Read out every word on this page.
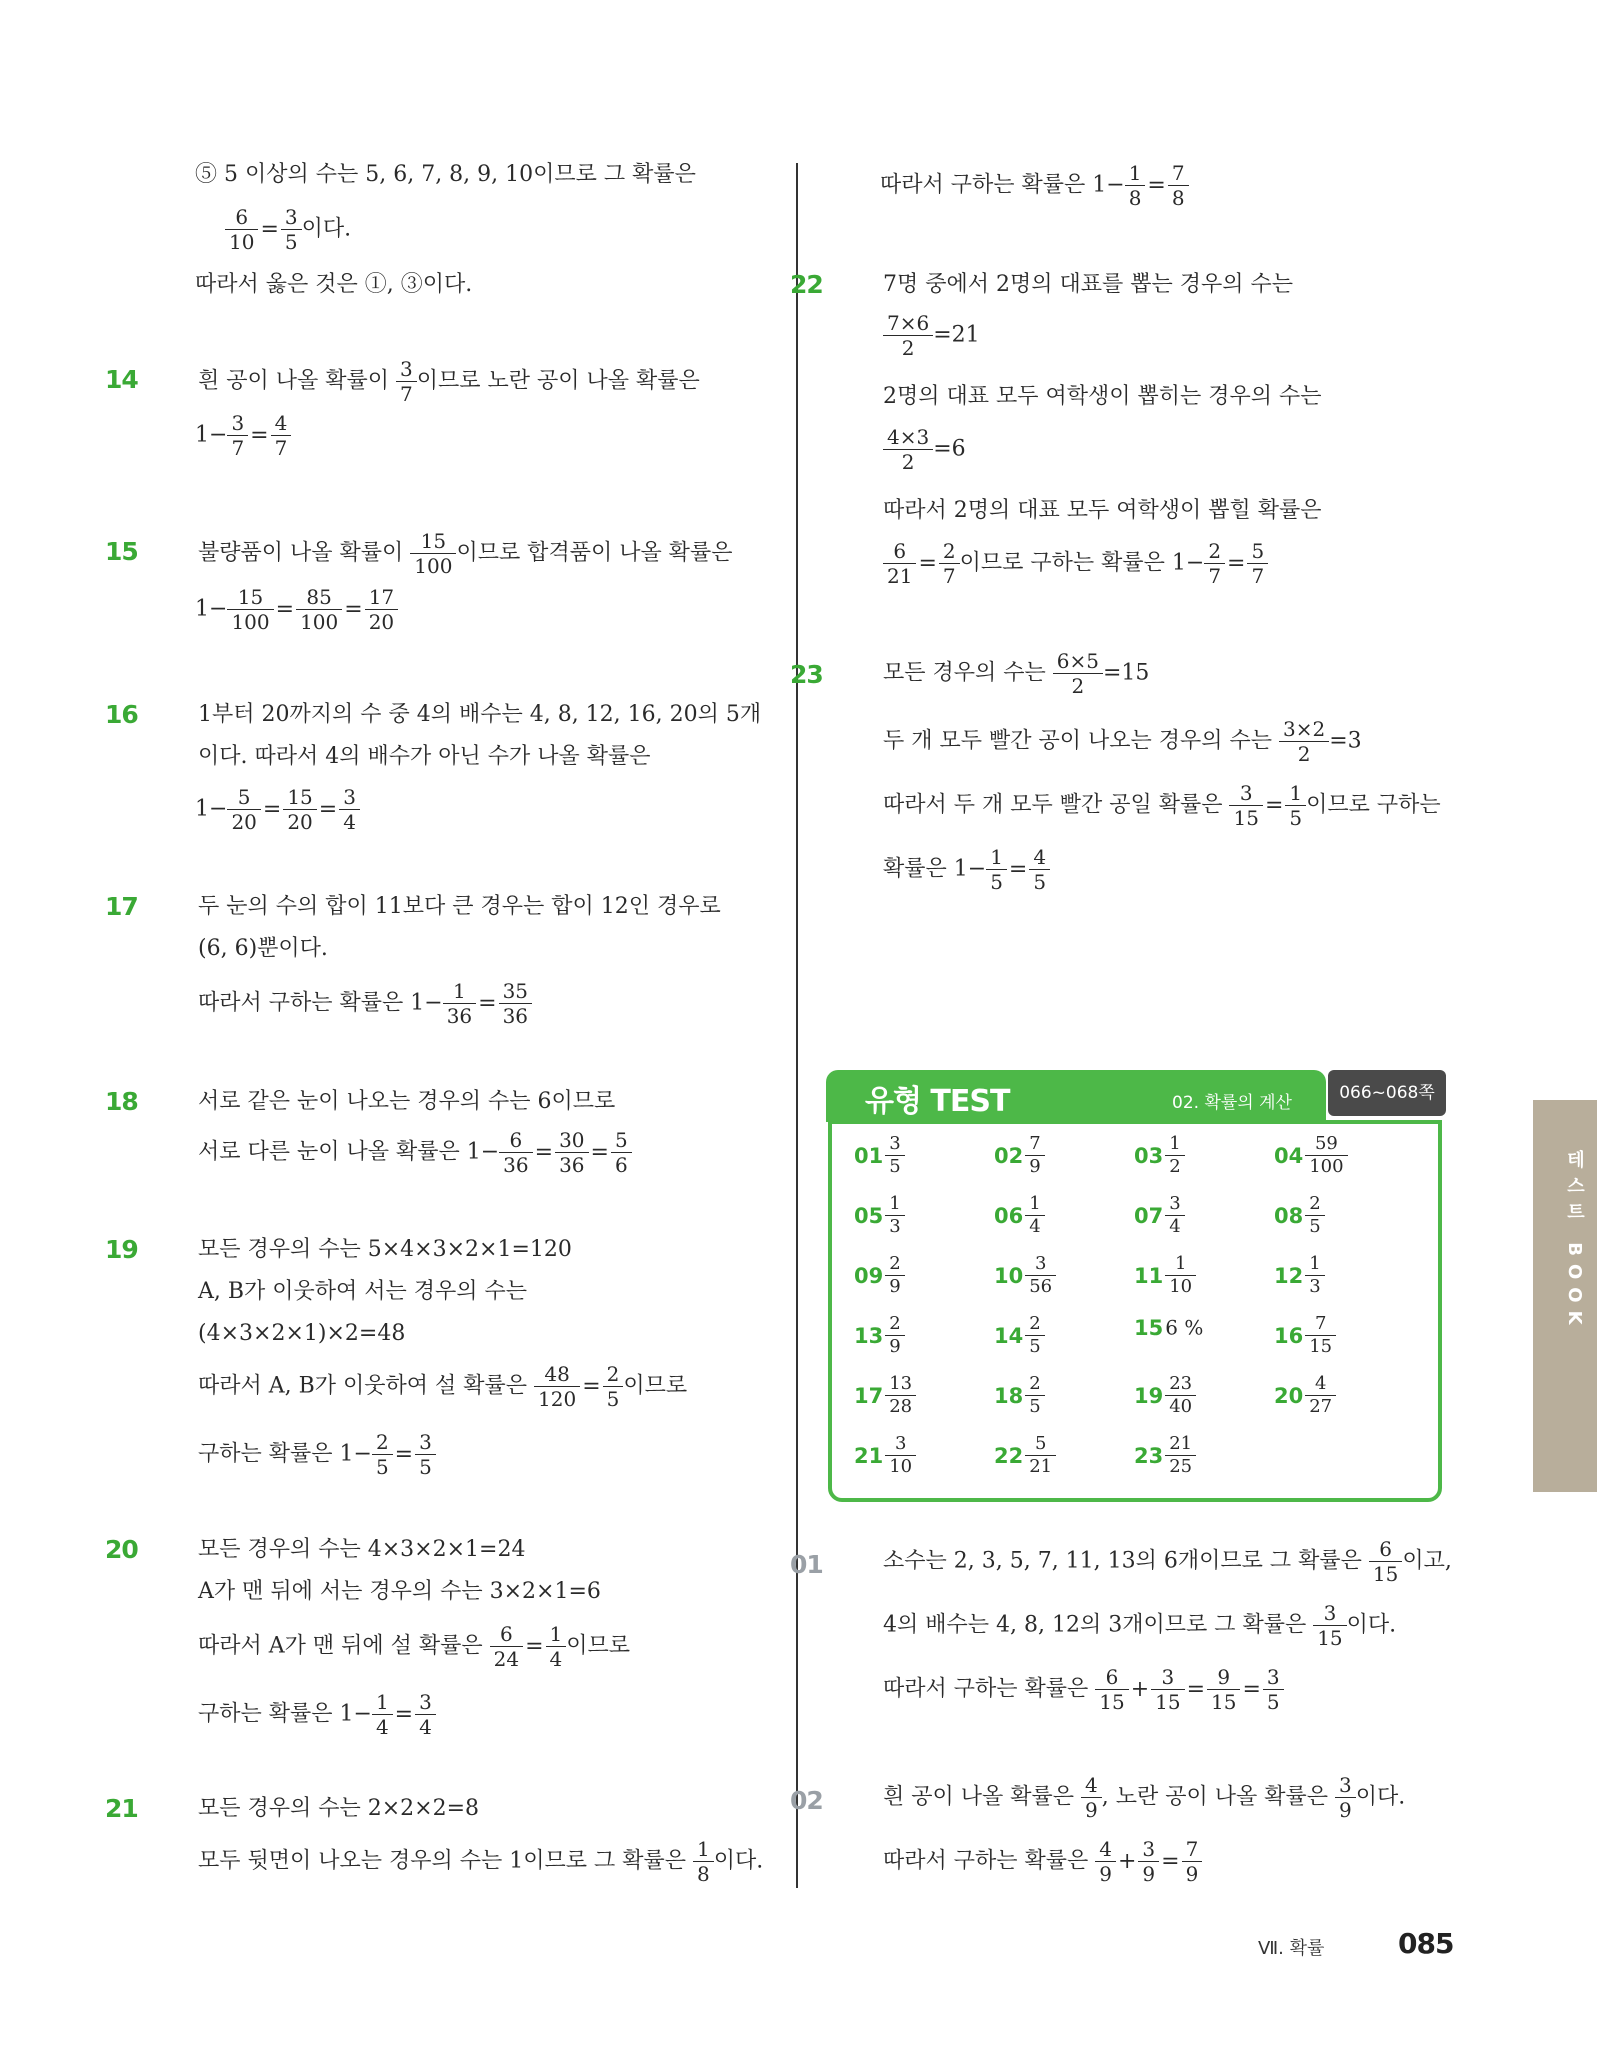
⑤ 5 이상의 수는 5, 6, 7, 8, 9, 10이므로 그 확률은
$\frac{6}{10} = \frac{3}{5}$ 이다.
따라서 옳은 것은 ①, ③이다.
14	흰 공이 나올 확률이 $\frac{3}{7}$ 이므로 노란 공이 나올 확률은
$1- \frac{3}{7} = \frac{4}{7}$
15	불량품이 나올 확률이 $\frac{15}{100}$ 이므로 합격품이 나올 확률은
$1- \frac{15}{100} = \frac{85}{100} = \frac{17}{20}$
16	1부터 20까지의 수 중 4의 배수는 4, 8, 12, 16, 20의 5개
이다. 따라서 4의 배수가 아닌 수가 나올 확률은
$1- \frac{5}{20} = \frac{15}{20} = \frac{3}{4}$
17	두 눈의 수의 합이 11보다 큰 경우는 합이 12인 경우로
(6, 6)뿐이다.
따라서 구하는 확률은 $1- \frac{1}{36} = \frac{35}{36}$
18	서로 같은 눈이 나오는 경우의 수는 6이므로
서로 다른 눈이 나올 확률은 $1- \frac{6}{36} = \frac{30}{36} = \frac{5}{6}$
19	모든 경우의 수는 5×4×3×2×1=120
A, B가 이웃하여 서는 경우의 수는
(4×3×2×1)×2=48
따라서 A, B가 이웃하여 설 확률은 $\frac{48}{120} = \frac{2}{5}$ 이므로
구하는 확률은 $1- \frac{2}{5} = \frac{3}{5}$
20	모든 경우의 수는 4×3×2×1=24
A가 맨 뒤에 서는 경우의 수는 3×2×1=6
따라서 A가 맨 뒤에 설 확률은 $\frac{6}{24} = \frac{1}{4}$ 이므로
구하는 확률은 $1- \frac{1}{4} = \frac{3}{4}$
21	모든 경우의 수는 2×2×2=8
모두 뒷면이 나오는 경우의 수는 1이므로 그 확률은 $\frac{1}{8}$ 이다.
따라서 구하는 확률은 $1- \frac{1}{8} = \frac{7}{8}$
22	7명 중에서 2명의 대표를 뽑는 경우의 수는
$\frac{7\times 6}{2} =21$
2명의 대표 모두 여학생이 뽑히는 경우의 수는
$\frac{4\times 3}{2} =6$
따라서 2명의 대표 모두 여학생이 뽑힐 확률은
$\frac{6}{21} = \frac{2}{7}$ 이므로 구하는 확률은 $1- \frac{2}{7} = \frac{5}{7}$
23	모든 경우의 수는 $\frac{6\times 5}{2} =15$
두 개 모두 빨간 공이 나오는 경우의 수는 $\frac{3\times 2}{2} =3$
따라서 두 개 모두 빨간 공일 확률은 $\frac{3}{15} = \frac{1}{5}$ 이므로 구하는
확률은 $1- \frac{1}{5} = \frac{4}{5}$
01	소수는 2, 3, 5, 7, 11, 13의 6개이므로 그 확률은 $\frac{6}{15}$ 이고,
4의 배수는 4, 8, 12의 3개이므로 그 확률은 $\frac{3}{15}$ 이다.
따라서 구하는 확률은 $\frac{6}{15} + \frac{3}{15} = \frac{9}{15} = \frac{3}{5}$
02	흰 공이 나올 확률은 $\frac{4}{9}$ , 노란 공이 나올 확률은 $\frac{3}{9}$ 이다.
따라서 구하는 확률은 $\frac{4}{9} + \frac{3}{9} = \frac{7}{9}$
유형 TEST	02. 확률의 계산	066~068쪽
$01 \frac{3}{5}$	$02 \frac{7}{9}$	$03 \frac{1}{2}$	$04 \frac{59}{100}$
$05 \frac{1}{3}$	$06 \frac{1}{4}$	$07 \frac{3}{4}$	$08 \frac{2}{5}$
$09 \frac{2}{9}$	$10 \frac{3}{56}$	$11 \frac{1}{10}$	$12 \frac{1}{3}$
$13 \frac{2}{9}$	$14 \frac{2}{5}$	15 6 %	$16 \frac{7}{15}$
$17 \frac{13}{28}$	$18 \frac{2}{5}$	$19 \frac{23}{40}$	$20 \frac{4}{27}$
$21 \frac{3}{10}$	$22 \frac{5}{21}$	$23 \frac{21}{25}$
테스트 BOOK
Ⅶ. 확률	085
